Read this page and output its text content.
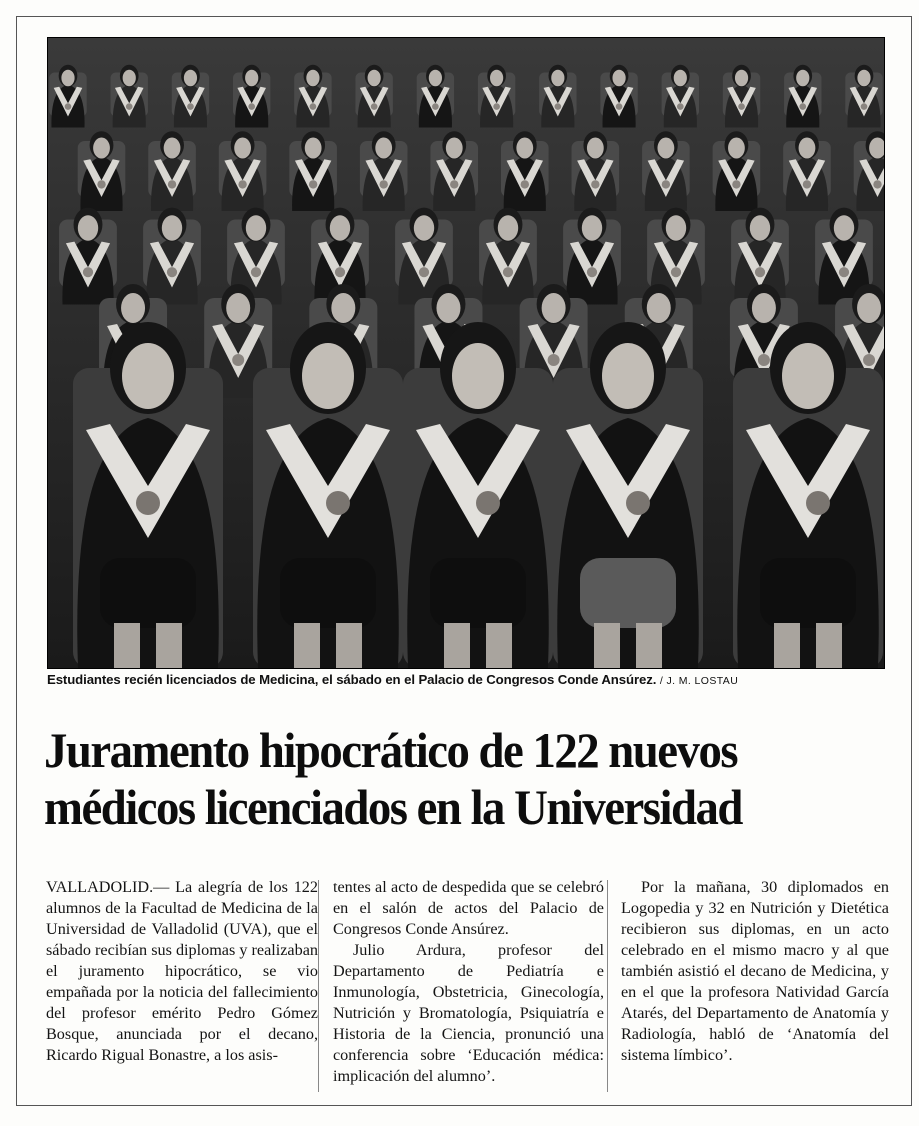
Estudiantes recién licenciados de Medicina, el sábado en el Palacio de Congresos Conde Ansúrez. / J. M. LOSTAU
Juramento hipocrático de 122 nuevos
médicos licenciados en la Universidad

VALLADOLID.— La alegría de los 122 alumnos de la Facultad de Medicina de la Universidad de Valladolid (UVA), que el sábado recibían sus diplomas y realizaban el juramento hipocrático, se vio empañada por la noticia del fallecimiento del profesor emérito Pedro Gómez Bosque, anunciada por el decano, Ricardo Rigual Bonastre, a los asis-

tentes al acto de despedida que se celebró en el salón de actos del Palacio de Congresos Conde Ansúrez.

Julio Ardura, profesor del Departamento de Pediatría e Inmunología, Obstetricia, Ginecología, Nutrición y Bromatología, Psiquiatría e Historia de la Ciencia, pronunció una conferencia sobre ‘Educación médica: implicación del alumno’.

Por la mañana, 30 diplomados en Logopedia y 32 en Nutrición y Dietética recibieron sus diplomas, en un acto celebrado en el mismo macro y al que también asistió el decano de Medicina, y en el que la profesora Natividad García Atarés, del Departamento de Anatomía y Radiología, habló de ‘Anatomía del sistema límbico’.
